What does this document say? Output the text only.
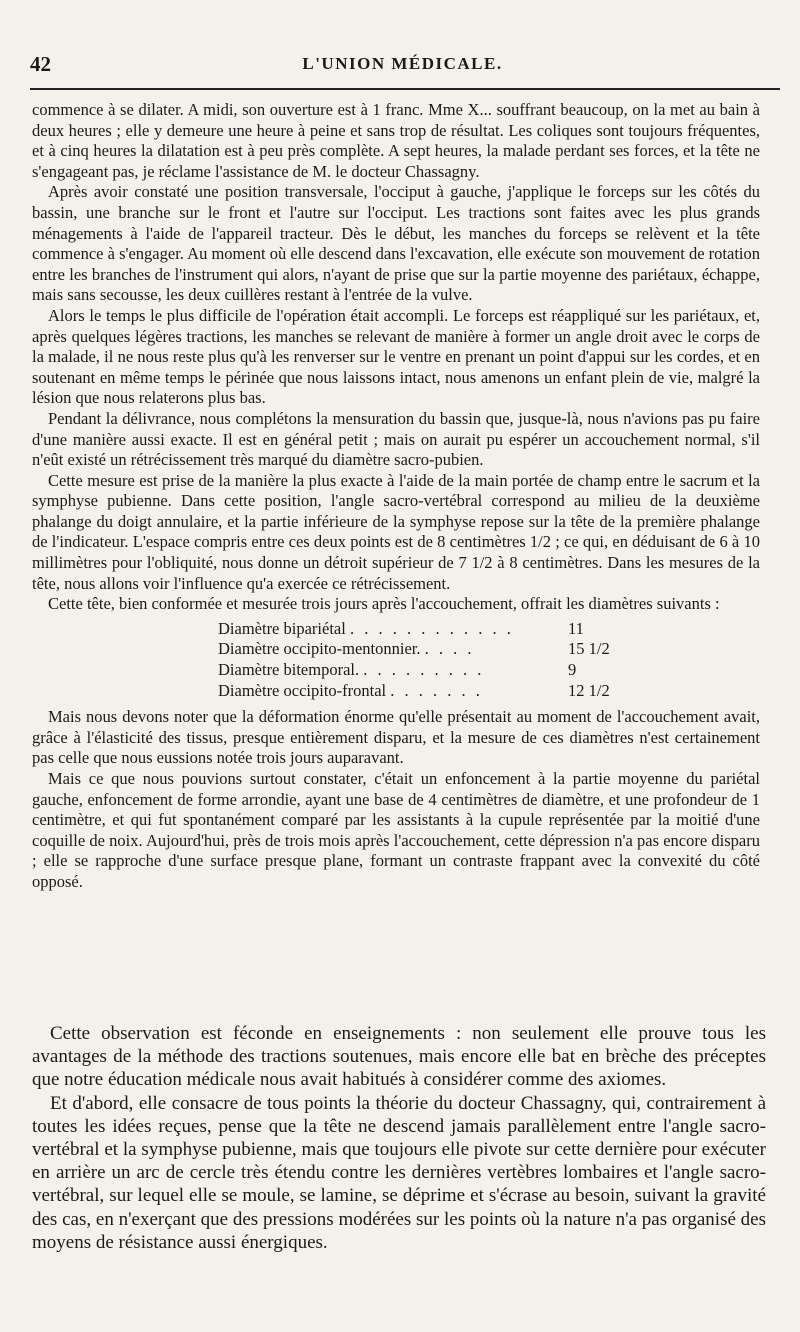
42	L'UNION MÉDICALE.

commence à se dilater. A midi, son ouverture est à 1 franc. Mme X... souffrant beaucoup, on la met au bain à deux heures ; elle y demeure une heure à peine et sans trop de résultat. Les coliques sont toujours fréquentes, et à cinq heures la dilatation est à peu près complète. A sept heures, la malade perdant ses forces, et la tête ne s'engageant pas, je réclame l'assistance de M. le docteur Chassagny.

Après avoir constaté une position transversale, l'occiput à gauche, j'applique le forceps sur les côtés du bassin, une branche sur le front et l'autre sur l'occiput. Les tractions sont faites avec les plus grands ménagements à l'aide de l'appareil tracteur. Dès le début, les manches du forceps se relèvent et la tête commence à s'engager. Au moment où elle descend dans l'excavation, elle exécute son mouvement de rotation entre les branches de l'instrument qui alors, n'ayant de prise que sur la partie moyenne des pariétaux, échappe, mais sans secousse, les deux cuillères restant à l'entrée de la vulve.

Alors le temps le plus difficile de l'opération était accompli. Le forceps est réappliqué sur les pariétaux, et, après quelques légères tractions, les manches se relevant de manière à former un angle droit avec le corps de la malade, il ne nous reste plus qu'à les renverser sur le ventre en prenant un point d'appui sur les cordes, et en soutenant en même temps le périnée que nous laissons intact, nous amenons un enfant plein de vie, malgré la lésion que nous relaterons plus bas.

Pendant la délivrance, nous complétons la mensuration du bassin que, jusque-là, nous n'avions pas pu faire d'une manière aussi exacte. Il est en général petit ; mais on aurait pu espérer un accouchement normal, s'il n'eût existé un rétrécissement très marqué du diamètre sacro-pubien.

Cette mesure est prise de la manière la plus exacte à l'aide de la main portée de champ entre le sacrum et la symphyse pubienne. Dans cette position, l'angle sacro-vertébral correspond au milieu de la deuxième phalange du doigt annulaire, et la partie inférieure de la symphyse repose sur la tête de la première phalange de l'indicateur. L'espace compris entre ces deux points est de 8 centimètres 1/2 ; ce qui, en déduisant de 6 à 10 millimètres pour l'obliquité, nous donne un détroit supérieur de 7 1/2 à 8 centimètres. Dans les mesures de la tête, nous allons voir l'influence qu'a exercée ce rétrécissement.

Cette tête, bien conformée et mesurée trois jours après l'accouchement, offrait les diamètres suivants :

Diamètre bipariétal . . . . . . . . . . . .	11
Diamètre occipito-mentonnier. . . . .	15 1/2
Diamètre bitemporal. . . . . . . . . .	9
Diamètre occipito-frontal . . . . . . .	12 1/2

Mais nous devons noter que la déformation énorme qu'elle présentait au moment de l'accouchement avait, grâce à l'élasticité des tissus, presque entièrement disparu, et la mesure de ces diamètres n'est certainement pas celle que nous eussions notée trois jours auparavant.

Mais ce que nous pouvions surtout constater, c'était un enfoncement à la partie moyenne du pariétal gauche, enfoncement de forme arrondie, ayant une base de 4 centimètres de diamètre, et une profondeur de 1 centimètre, et qui fut spontanément comparé par les assistants à la cupule représentée par la moitié d'une coquille de noix. Aujourd'hui, près de trois mois après l'accouchement, cette dépression n'a pas encore disparu ; elle se rapproche d'une surface presque plane, formant un contraste frappant avec la convexité du côté opposé.

Cette observation est féconde en enseignements : non seulement elle prouve tous les avantages de la méthode des tractions soutenues, mais encore elle bat en brèche des préceptes que notre éducation médicale nous avait habitués à considérer comme des axiomes.

Et d'abord, elle consacre de tous points la théorie du docteur Chassagny, qui, contrairement à toutes les idées reçues, pense que la tête ne descend jamais parallèlement entre l'angle sacro-vertébral et la symphyse pubienne, mais que toujours elle pivote sur cette dernière pour exécuter en arrière un arc de cercle très étendu contre les dernières vertèbres lombaires et l'angle sacro-vertébral, sur lequel elle se moule, se lamine, se déprime et s'écrase au besoin, suivant la gravité des cas, en n'exerçant que des pressions modérées sur les points où la nature n'a pas organisé des moyens de résistance aussi énergiques.
